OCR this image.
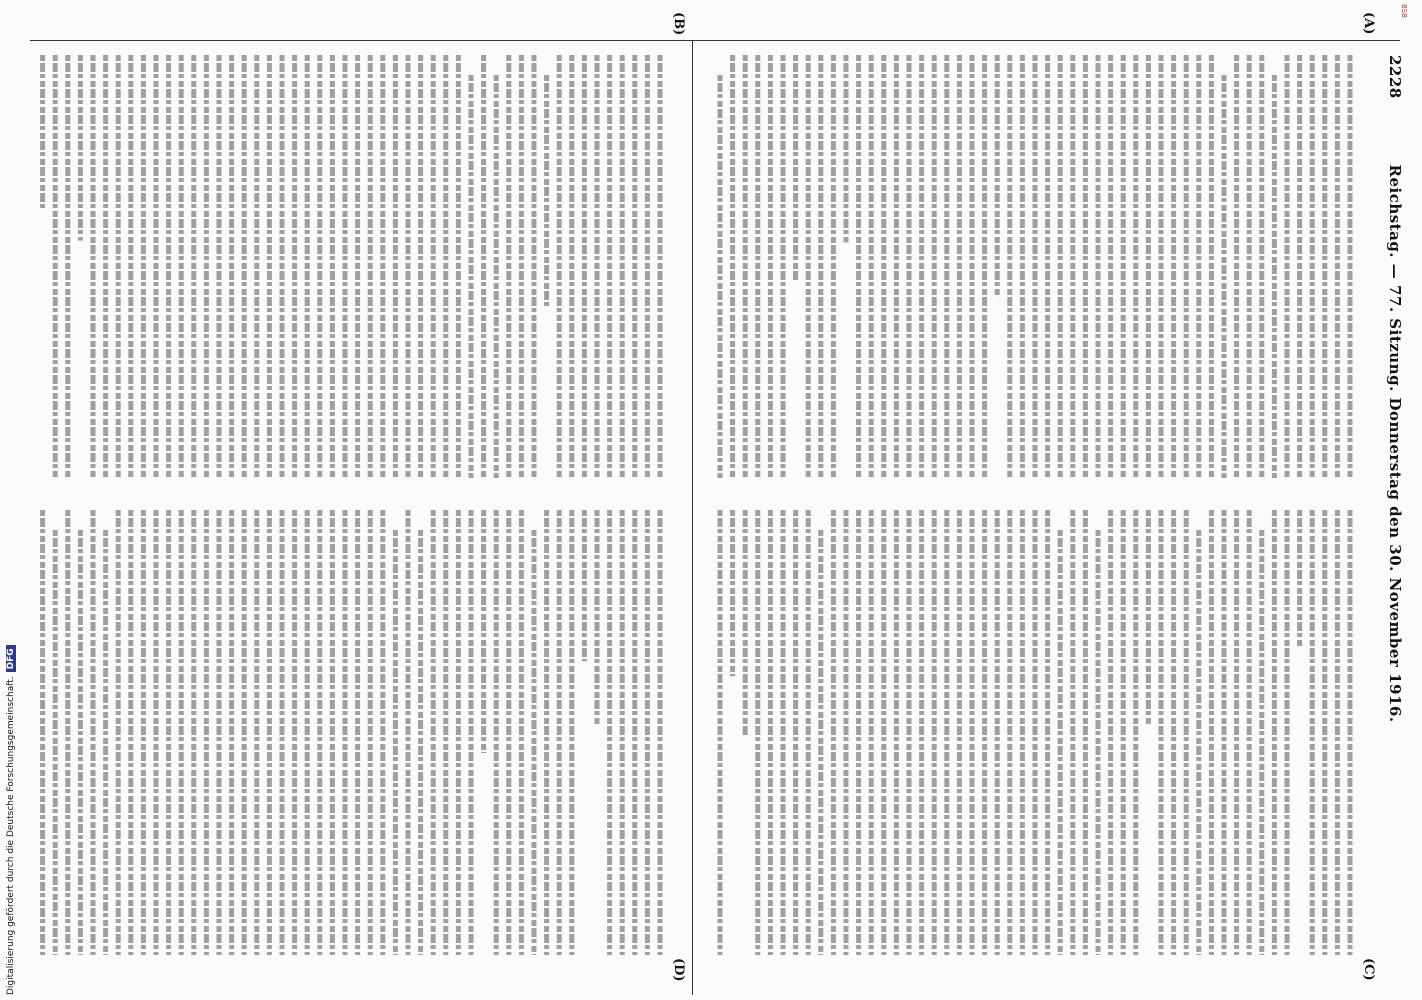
2228 Reichstag. — 77. Sitzung. Donnerstag den 30. November 1916.
BSB
(A)
(B)
(C)
(D)
Digitalisierung gefördert durch die Deutsche Forschungsgemeinschaft.DFG
